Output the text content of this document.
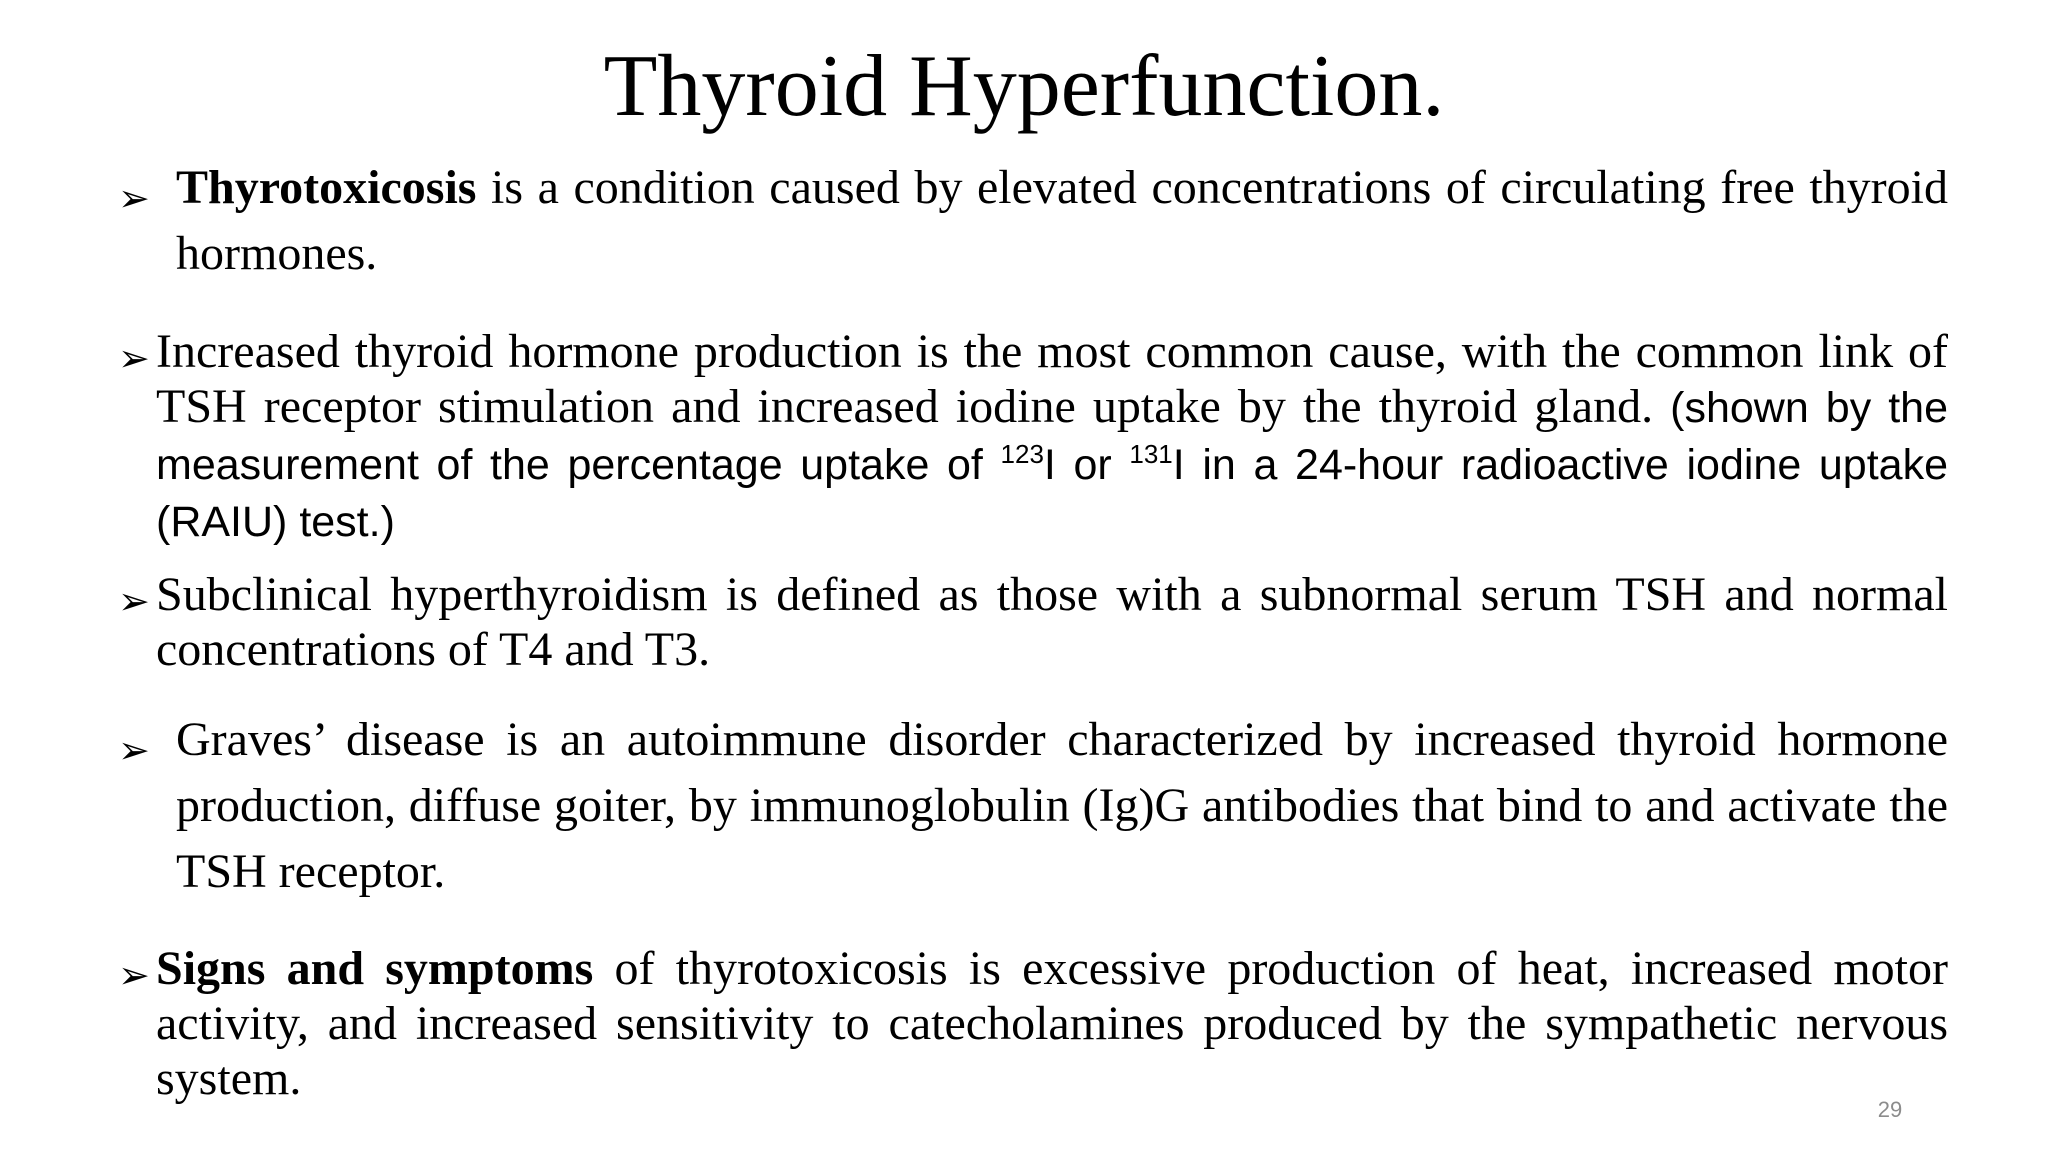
Thyroid Hyperfunction.
➢ Thyrotoxicosis is a condition caused by elevated concentrations of circulating free thyroid hormones.
➢ Increased thyroid hormone production is the most common cause, with the common link of TSH receptor stimulation and increased iodine uptake by the thyroid gland. (shown by the measurement of the percentage uptake of $^{123}$I or $^{131}$I in a 24-hour radioactive iodine uptake (RAIU) test.)
➢ Subclinical hyperthyroidism is defined as those with a subnormal serum TSH and normal concentrations of T4 and T3.
➢ Graves’ disease is an autoimmune disorder characterized by increased thyroid hormone production, diffuse goiter, by immunoglobulin (Ig)G antibodies that bind to and activate the TSH receptor.
➢ Signs and symptoms of thyrotoxicosis is excessive production of heat, increased motor activity, and increased sensitivity to catecholamines produced by the sympathetic nervous system.
29
